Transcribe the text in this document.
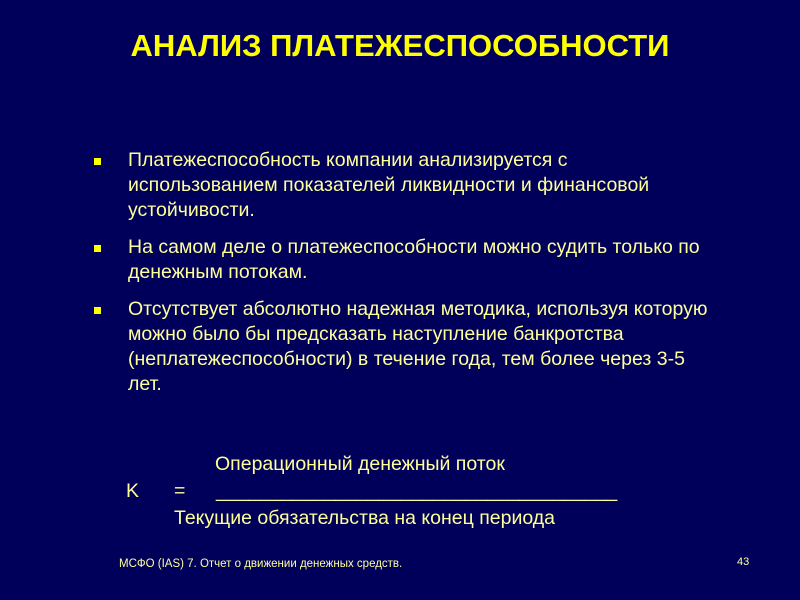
АНАЛИЗ ПЛАТЕЖЕСПОСОБНОСТИ
Платежеспособность компании анализируется с использованием показателей ликвидности и финансовой устойчивости.
На самом деле о платежеспособности можно судить только по денежным потокам.
Отсутствует абсолютно надежная методика, используя которую можно было бы предсказать наступление банкротства (неплатежеспособности) в течение года, тем более через 3-5 лет.
Операционный денежный поток
K = _____________________________________
Текущие обязательства на конец периода
МСФО (IAS) 7. Отчет о движении денежных средств.	43
